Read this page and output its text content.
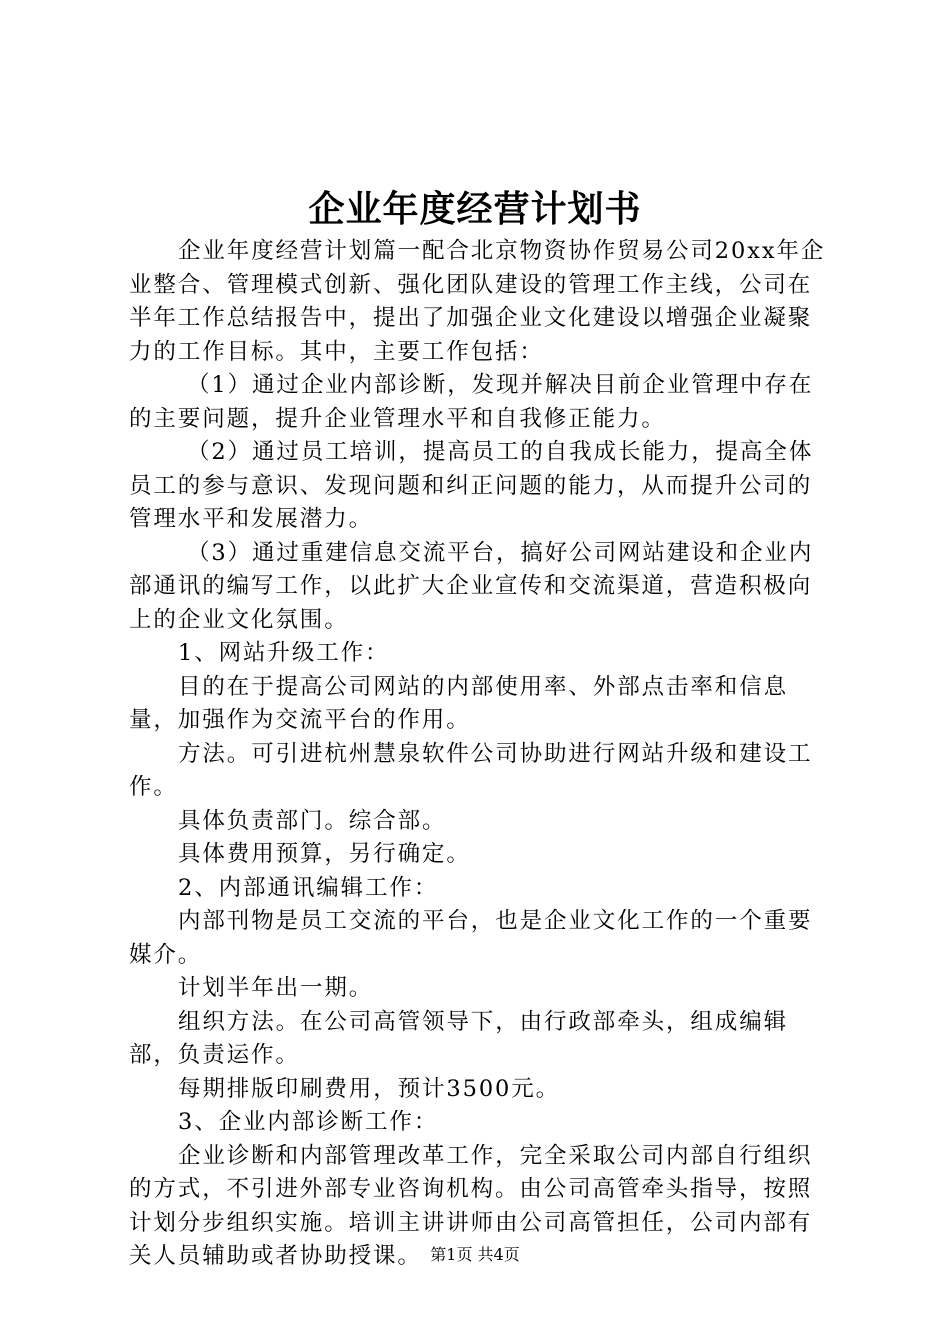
企业年度经营计划书

企业年度经营计划篇一配合北京物资协作贸易公司20xx年企业整合、管理模式创新、强化团队建设的管理工作主线，公司在半年工作总结报告中，提出了加强企业文化建设以增强企业凝聚力的工作目标。其中，主要工作包括：

（1）通过企业内部诊断，发现并解决目前企业管理中存在的主要问题，提升企业管理水平和自我修正能力。

（2）通过员工培训，提高员工的自我成长能力，提高全体员工的参与意识、发现问题和纠正问题的能力，从而提升公司的管理水平和发展潜力。

（3）通过重建信息交流平台，搞好公司网站建设和企业内部通讯的编写工作，以此扩大企业宣传和交流渠道，营造积极向上的企业文化氛围。

1、网站升级工作：

目的在于提高公司网站的内部使用率、外部点击率和信息量，加强作为交流平台的作用。

方法。可引进杭州慧泉软件公司协助进行网站升级和建设工作。

具体负责部门。综合部。

具体费用预算，另行确定。

2、内部通讯编辑工作：

内部刊物是员工交流的平台，也是企业文化工作的一个重要媒介。

计划半年出一期。

组织方法。在公司高管领导下，由行政部牵头，组成编辑部，负责运作。

每期排版印刷费用，预计3500元。

3、企业内部诊断工作：

企业诊断和内部管理改革工作，完全采取公司内部自行组织的方式，不引进外部专业咨询机构。由公司高管牵头指导，按照计划分步组织实施。培训主讲讲师由公司高管担任，公司内部有关人员辅助或者协助授课。 第1页 共4页
